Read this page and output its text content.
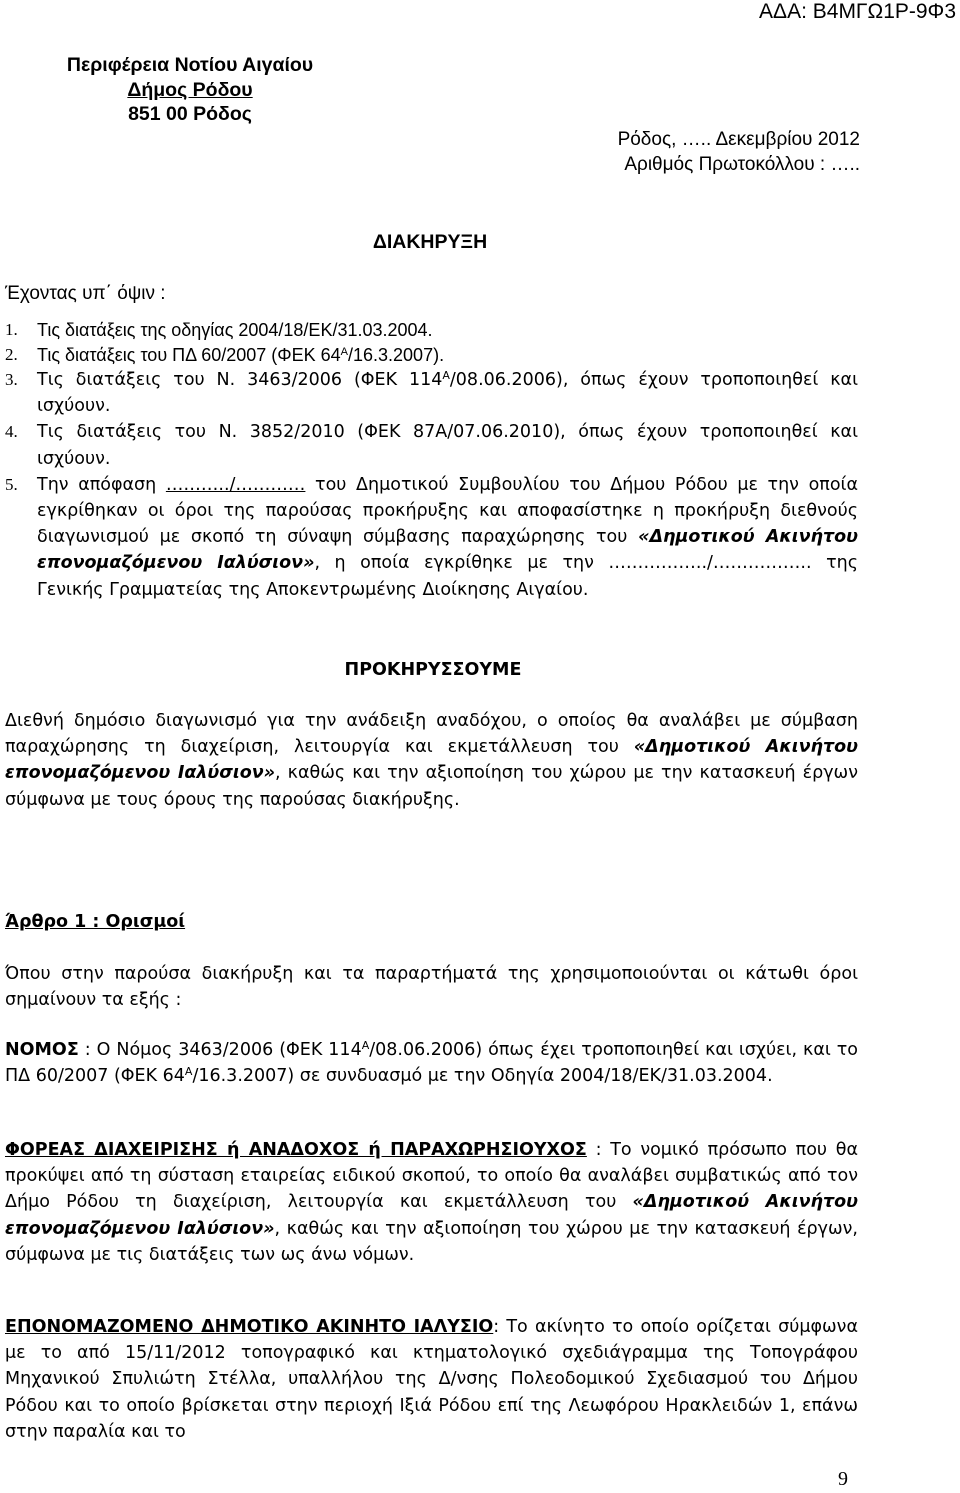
ΑΔΑ: Β4ΜΓΩ1Ρ-9Φ3
Περιφέρεια Νοτίου Αιγαίου
Δήμος Ρόδου
851 00 Ρόδος
Ρόδος, ….. Δεκεμβρίου 2012
Αριθμός Πρωτοκόλλου : …..
ΔΙΑΚΗΡΥΞΗ
Έχοντας υπ΄ όψιν :
1.	Τις διατάξεις της οδηγίας 2004/18/ΕΚ/31.03.2004.
2.	Τις διατάξεις του ΠΔ 60/2007 (ΦΕΚ $64^A/16.3.2007$).
3.	Τις διατάξεις του Ν. 3463/2006 (ΦΕΚ $114^A/08.06.2006$), όπως έχουν τροποποιηθεί και ισχύουν.
4.	Τις διατάξεις του Ν. 3852/2010 (ΦΕΚ 87Α/07.06.2010), όπως έχουν τροποποιηθεί και ισχύουν.
5.	Την απόφαση ………../………… του Δημοτικού Συμβουλίου του Δήμου Ρόδου με την οποία εγκρίθηκαν οι όροι της παρούσας προκήρυξης και αποφασίστηκε η προκήρυξη διεθνούς διαγωνισμού με σκοπό τη σύναψη σύμβασης παραχώρησης του «Δημοτικού Ακινήτου επονομαζόμενου Ιαλύσιον», η οποία εγκρίθηκε με την ……………../…………….. της Γενικής Γραμματείας της Αποκεντρωμένης Διοίκησης Αιγαίου.
ΠΡΟΚΗΡΥΣΣΟΥΜΕ
Διεθνή δημόσιο διαγωνισμό για την ανάδειξη αναδόχου, ο οποίος θα αναλάβει με σύμβαση παραχώρησης τη διαχείριση, λειτουργία και εκμετάλλευση του «Δημοτικού Ακινήτου επονομαζόμενου Ιαλύσιον», καθώς και την αξιοποίηση του χώρου με την κατασκευή έργων σύμφωνα με τους όρους της παρούσας διακήρυξης.
Άρθρο 1 : Ορισμοί
Όπου στην παρούσα διακήρυξη και τα παραρτήματά της χρησιμοποιούνται οι κάτωθι όροι σημαίνουν τα εξής :
ΝΟΜΟΣ : Ο Νόμος 3463/2006 (ΦΕΚ $114^A/08.06.2006$) όπως έχει τροποποιηθεί και ισχύει, και το ΠΔ 60/2007 (ΦΕΚ $64^A/16.3.2007$) σε συνδυασμό με την Οδηγία 2004/18/ΕΚ/31.03.2004.
ΦΟΡΕΑΣ ΔΙΑΧΕΙΡΙΣΗΣ ή ΑΝΑΔΟΧΟΣ ή ΠΑΡΑΧΩΡΗΣΙΟΥΧΟΣ : Το νομικό πρόσωπο που θα προκύψει από τη σύσταση εταιρείας ειδικού σκοπού, το οποίο θα αναλάβει συμβατικώς από τον Δήμο Ρόδου τη διαχείριση, λειτουργία και εκμετάλλευση του «Δημοτικού Ακινήτου επονομαζόμενου Ιαλύσιον», καθώς και την αξιοποίηση του χώρου με την κατασκευή έργων, σύμφωνα με τις διατάξεις των ως άνω νόμων.
ΕΠΟΝΟΜΑΖΟΜΕΝΟ ΔΗΜΟΤΙΚΟ ΑΚΙΝΗΤΟ ΙΑΛΥΣΙΟ: Το ακίνητο το οποίο ορίζεται σύμφωνα με το από 15/11/2012 τοπογραφικό και κτηματολογικό σχεδιάγραμμα της Τοπογράφου Μηχανικού Σπυλιώτη Στέλλα, υπαλλήλου της Δ/νσης Πολεοδομικού Σχεδιασμού του Δήμου Ρόδου και το οποίο βρίσκεται στην περιοχή Ιξιά Ρόδου επί της Λεωφόρου Ηρακλειδών 1, επάνω στην παραλία και το
9
